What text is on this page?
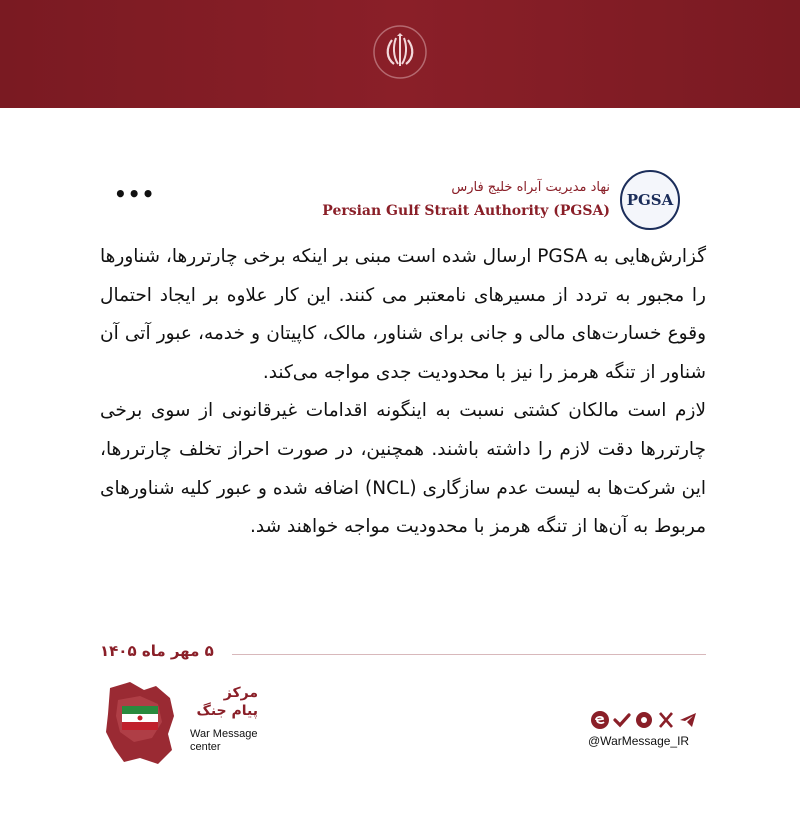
PGSA
نهاد مدیریت آبراه خلیج فارس
Persian Gulf Strait Authority (PGSA)
•••

گزارش‌هایی به PGSA ارسال شده است مبنی بر اینکه برخی چارتررها، شناورها را مجبور به تردد از مسیرهای نامعتبر می کنند. این کار علاوه بر ایجاد احتمال وقوع خسارت‌های مالی و جانی برای شناور، مالک، کاپیتان و خدمه، عبور آتی آن شناور از تنگه هرمز را نیز با محدودیت جدی مواجه می‌کند.

لازم است مالکان کشتی نسبت به اینگونه اقدامات غیرقانونی از سوی برخی چارتررها دقت لازم را داشته باشند. همچنین، در صورت احراز تخلف چارتررها، این شرکت‌ها به لیست عدم سازگاری (NCL) اضافه شده و عبور کلیه شناورهای مربوط به آن‌ها از تنگه هرمز با محدودیت مواجه خواهند شد.

۵ مهر ماه ۱۴۰۵
مرکز
پیام جنگ
War Message
center	@WarMessage_IR
